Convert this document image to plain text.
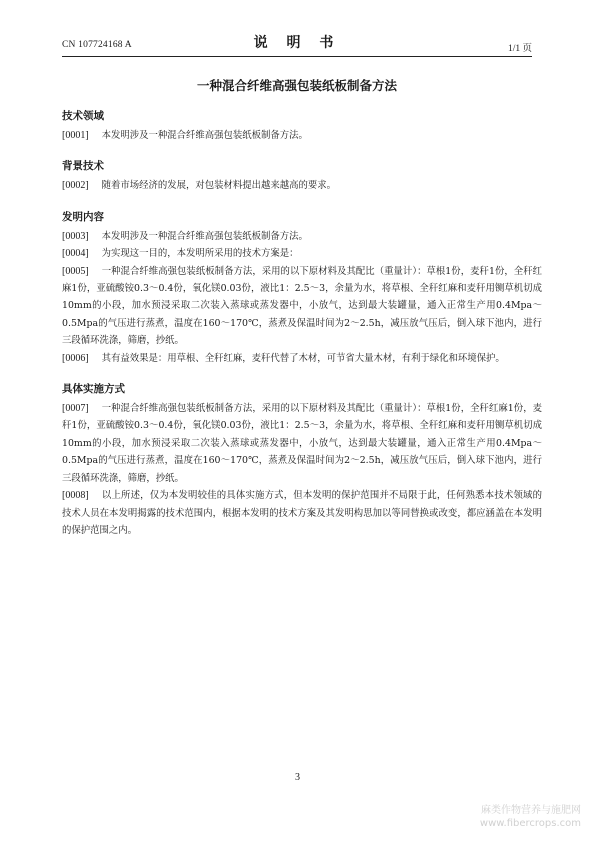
CN 107724168 A	说 明 书	1/1 页
一种混合纤维高强包装纸板制备方法
技术领域

[0001] 本发明涉及一种混合纤维高强包装纸板制备方法。

背景技术

[0002] 随着市场经济的发展，对包装材料提出越来越高的要求。

发明内容

[0003] 本发明涉及一种混合纤维高强包装纸板制备方法。

[0004] 为实现这一目的，本发明所采用的技术方案是：

[0005] 一种混合纤维高强包装纸板制备方法，采用的以下原材料及其配比（重量计）：草根1份，麦秆1份，全秆红麻1份，亚硫酸铵0.3～0.4份，氧化镁0.03份，液比1：2.5～3，余量为水，将草根、全秆红麻和麦秆用铡草机切成10mm的小段，加水预浸采取二次装入蒸球或蒸发器中，小放气，达到最大装罐量，通入正常生产用0.4Mpa～0.5Mpa的气压进行蒸煮，温度在160～170℃，蒸煮及保温时间为2～2.5h，减压放气压后，倒入球下池内，进行三段循环洗涤，筛磨，抄纸。

[0006] 其有益效果是：用草根、全秆红麻，麦秆代替了木材，可节省大量木材，有利于绿化和环境保护。

具体实施方式

[0007] 一种混合纤维高强包装纸板制备方法，采用的以下原材料及其配比（重量计）：草根1份，全秆红麻1份，麦秆1份，亚硫酸铵0.3～0.4份，氧化镁0.03份，液比1：2.5～3，余量为水，将草根、全秆红麻和麦秆用铡草机切成10mm的小段，加水预浸采取二次装入蒸球或蒸发器中，小放气，达到最大装罐量，通入正常生产用0.4Mpa～0.5Mpa的气压进行蒸煮，温度在160～170℃，蒸煮及保温时间为2～2.5h，减压放气压后，倒入球下池内，进行三段循环洗涤，筛磨，抄纸。

[0008] 以上所述，仅为本发明较佳的具体实施方式，但本发明的保护范围并不局限于此，任何熟悉本技术领域的技术人员在本发明揭露的技术范围内，根据本发明的技术方案及其发明构思加以等同替换或改变，都应涵盖在本发明的保护范围之内。

3
麻类作物营养与施肥网
www.fibercrops.com
